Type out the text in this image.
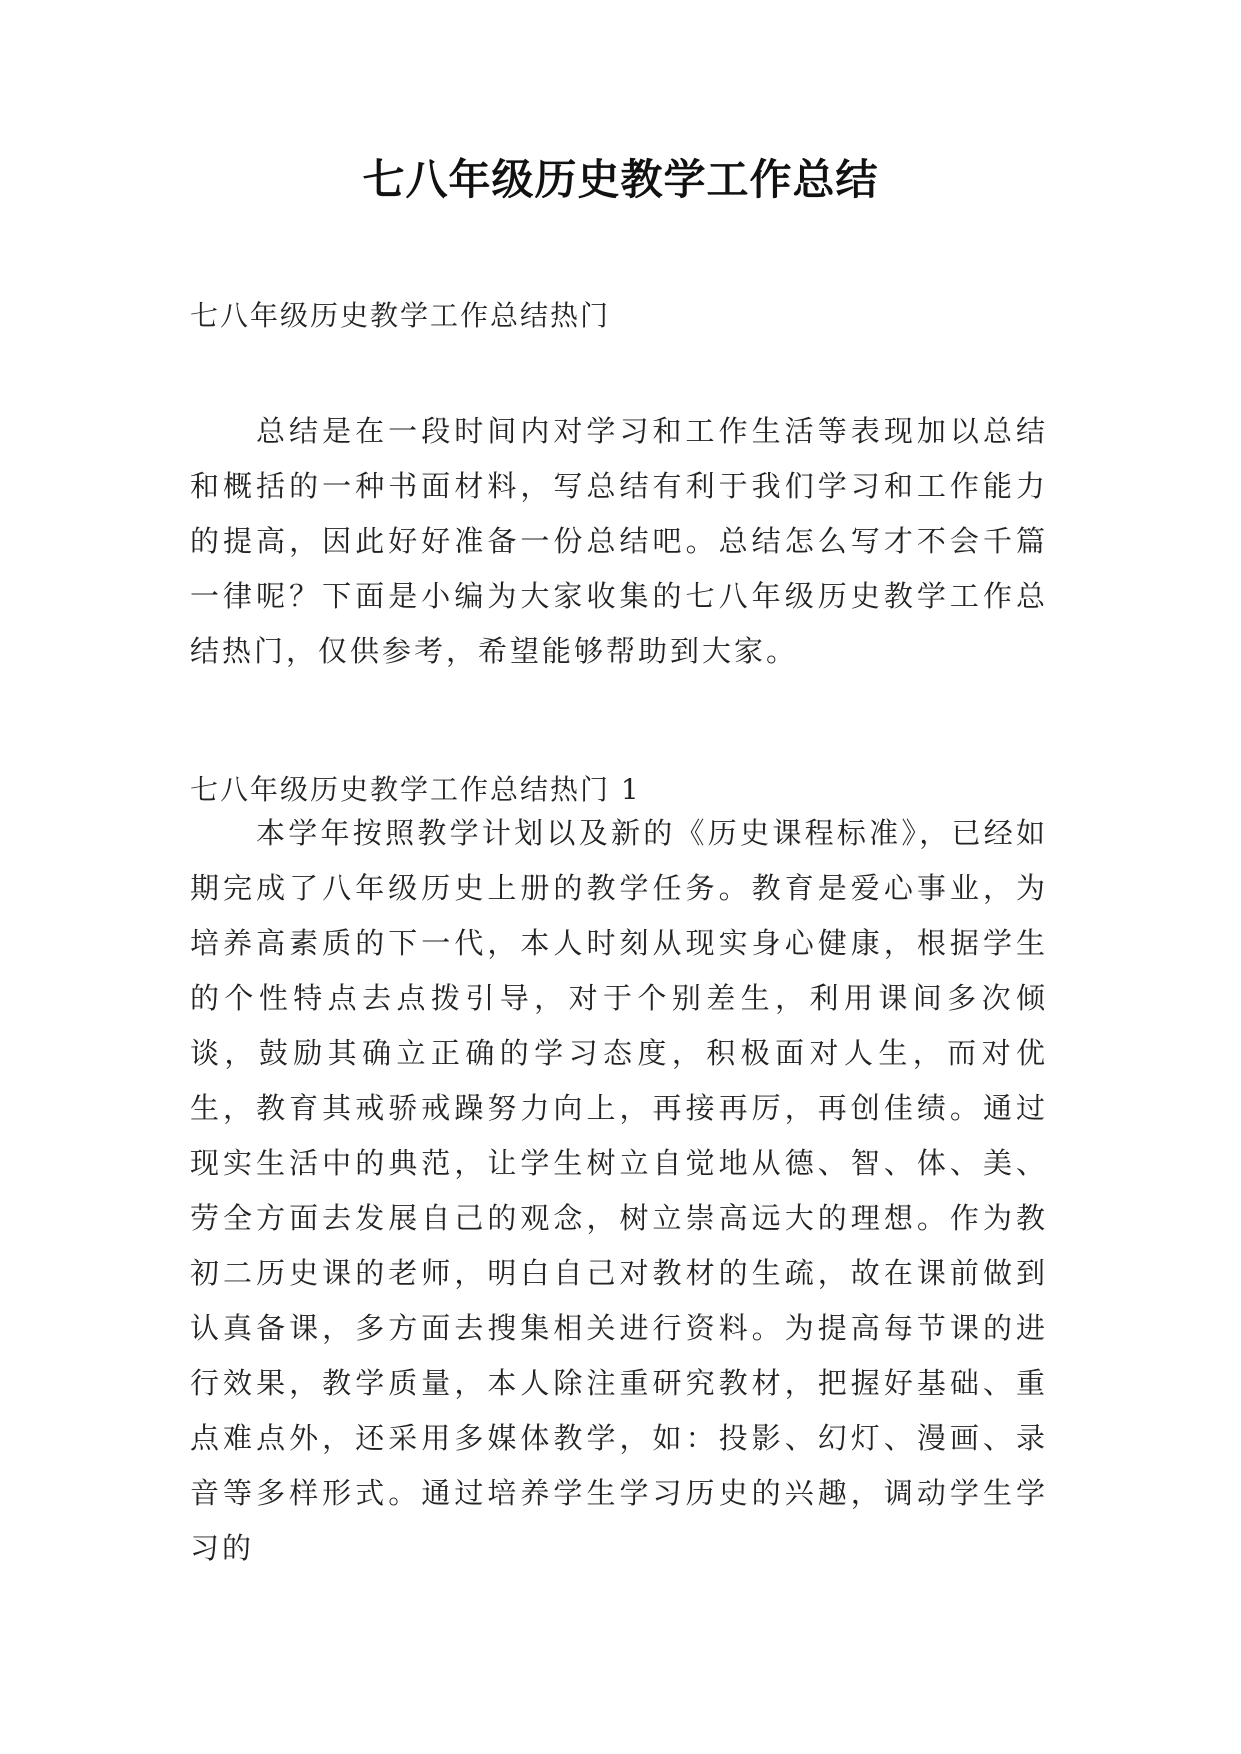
七八年级历史教学工作总结
七八年级历史教学工作总结热门

总结是在一段时间内对学习和工作生活等表现加以总结和概括的一种书面材料，写总结有利于我们学习和工作能力的提高，因此好好准备一份总结吧。总结怎么写才不会千篇一律呢？下面是小编为大家收集的七八年级历史教学工作总结热门，仅供参考，希望能够帮助到大家。

七八年级历史教学工作总结热门 1

本学年按照教学计划以及新的《历史课程标准》，已经如期完成了八年级历史上册的教学任务。教育是爱心事业，为培养高素质的下一代，本人时刻从现实身心健康，根据学生的个性特点去点拨引导，对于个别差生，利用课间多次倾谈，鼓励其确立正确的学习态度，积极面对人生，而对优生，教育其戒骄戒躁努力向上，再接再厉，再创佳绩。通过现实生活中的典范，让学生树立自觉地从德、智、体、美、劳全方面去发展自己的观念，树立崇高远大的理想。作为教初二历史课的老师，明白自己对教材的生疏，故在课前做到认真备课，多方面去搜集相关进行资料。为提高每节课的进行效果，教学质量，本人除注重研究教材，把握好基础、重点难点外，还采用多媒体教学，如：投影、幻灯、漫画、录音等多样形式。通过培养学生学习历史的兴趣，调动学生学习的
